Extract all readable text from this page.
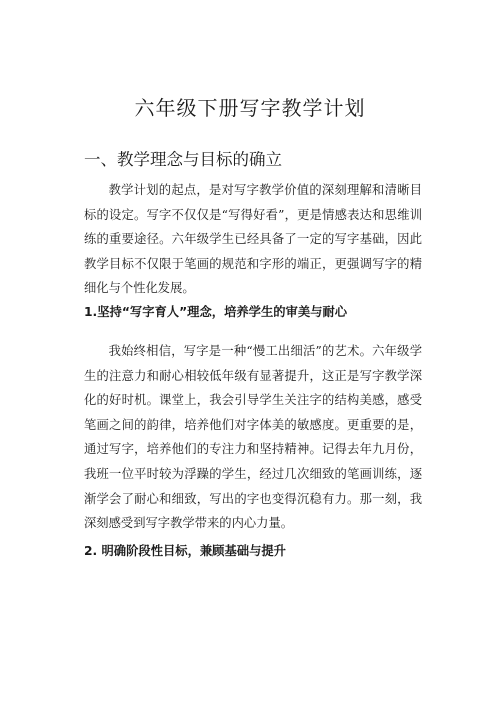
六年级下册写字教学计划
一、教学理念与目标的确立

教学计划的起点，是对写字教学价值的深刻理解和清晰目标的设定。写字不仅仅是“写得好看”，更是情感表达和思维训练的重要途径。六年级学生已经具备了一定的写字基础，因此教学目标不仅限于笔画的规范和字形的端正，更强调写字的精细化与个性化发展。

1.坚持“写字育人”理念，培养学生的审美与耐心

我始终相信，写字是一种“慢工出细活”的艺术。六年级学生的注意力和耐心相较低年级有显著提升，这正是写字教学深化的好时机。课堂上，我会引导学生关注字的结构美感，感受笔画之间的韵律，培养他们对字体美的敏感度。更重要的是，通过写字，培养他们的专注力和坚持精神。记得去年九月份，我班一位平时较为浮躁的学生，经过几次细致的笔画训练，逐渐学会了耐心和细致，写出的字也变得沉稳有力。那一刻，我深刻感受到写字教学带来的内心力量。

2. 明确阶段性目标，兼顾基础与提升
